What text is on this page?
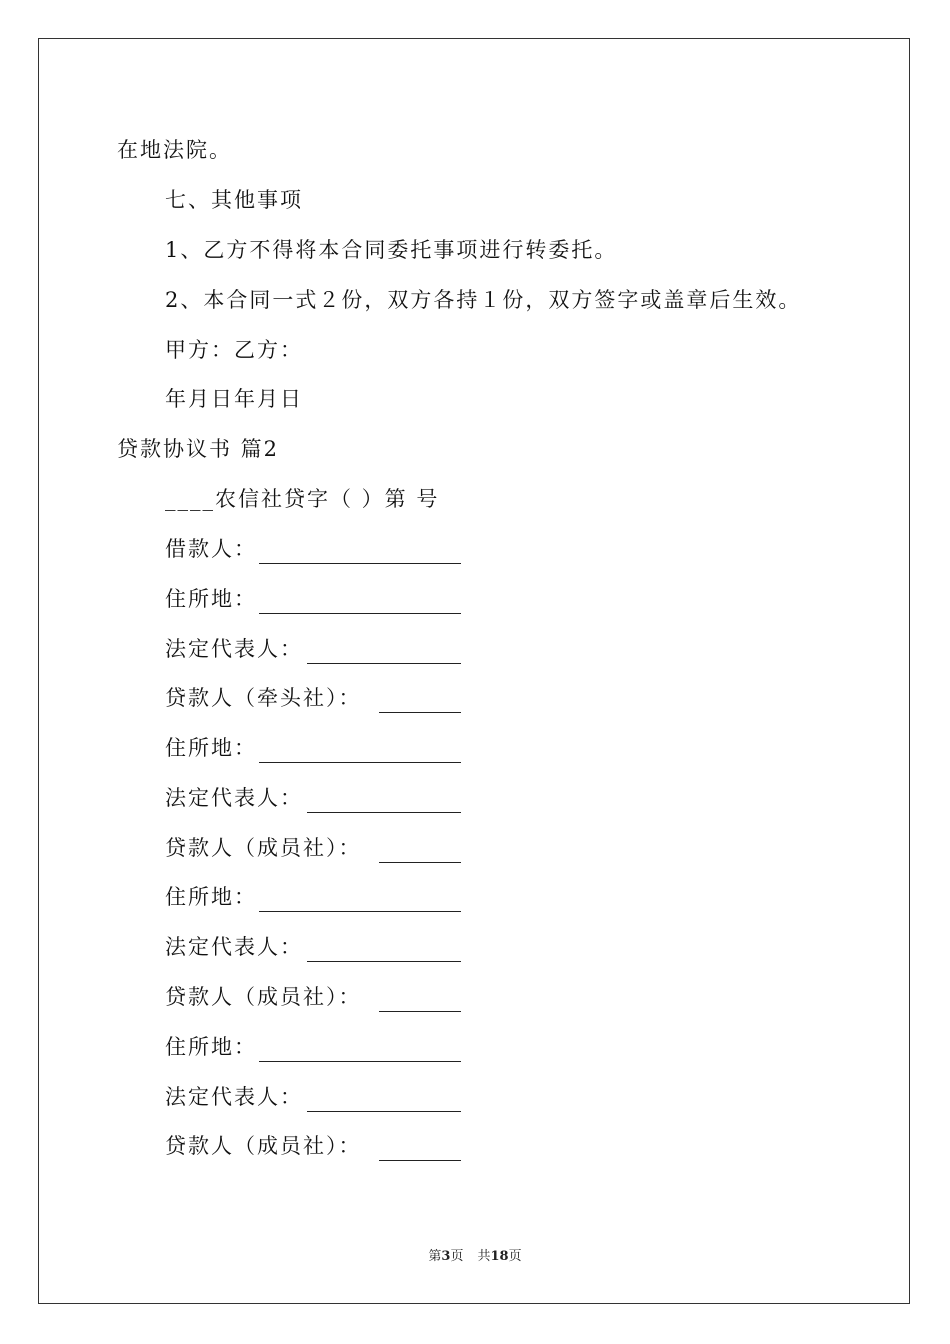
在地法院。
七、其他事项
1、乙方不得将本合同委托事项进行转委托。
2、本合同一式２份，双方各持１份，双方签字或盖章后生效。
甲方：乙方：
年月日年月日
贷款协议书 篇2
____农信社贷字（ ）第 号
借款人：
住所地：
法定代表人：
贷款人（牵头社）：
住所地：
法定代表人：
贷款人（成员社）：
住所地：
法定代表人：
贷款人（成员社）：
住所地：
法定代表人：
贷款人（成员社）：
第3页 共18页
